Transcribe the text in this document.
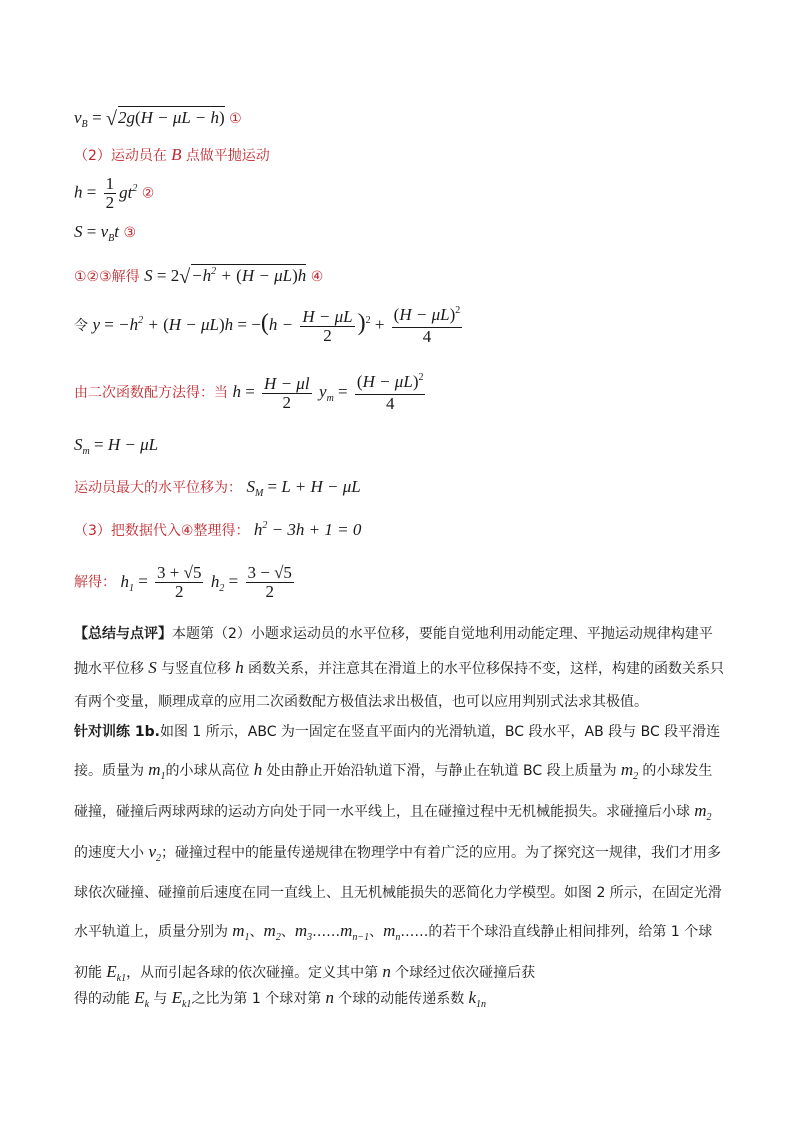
$v_B = √2g(H - \mu L - h)$ ①
（2）运动员在 B 点做平抛运动
$h = \frac{1}{2} gt^2$ ②
$S = v_Bt$ ③
①②③解得 $S = 2√-h^2 + (H - \mu L)h$ ④
令 $y = -h^2 + (H - \mu L)h = -(h - \frac{H - \mu L}{2} )^2 + \frac{(H - \mu L)^2}{4}$
由二次函数配方法得：当 $h = \frac{H - \mu l}{2} y_m = \frac{(H - \mu L)^2}{4}$
$S_m = H - \mu L$
运动员最大的水平位移为： $S_M = L + H - \mu L$
（3）把数据代入④整理得： $h^2 - 3h + 1 = 0$
解得： $h_1 = \frac{3 + √5}{2} h_2 = \frac{3 - √5}{2}$

【总结与点评】本题第（2）小题求运动员的水平位移，要能自觉地利用动能定理、平抛运动规律构建平抛水平位移 S 与竖直位移 h 函数关系，并注意其在滑道上的水平位移保持不变，这样，构建的函数关系只有两个变量，顺理成章的应用二次函数配方极值法求出极值，也可以应用判别式法求其极值。

针对训练 1b.如图 1 所示，ABC 为一固定在竖直平面内的光滑轨道，BC 段水平，AB 段与 BC 段平滑连接。质量为 $m_1$的小球从高位 h 处由静止开始沿轨道下滑，与静止在轨道 BC 段上质量为 $m_2$ 的小球发生碰撞，碰撞后两球两球的运动方向处于同一水平线上，且在碰撞过程中无机械能损失。求碰撞后小球 $m_2$ 的速度大小 $v_2$；碰撞过程中的能量传递规律在物理学中有着广泛的应用。为了探究这一规律，我们才用多球依次碰撞、碰撞前后速度在同一直线上、且无机械能损失的恶简化力学模型。如图 2 所示，在固定光滑水平轨道上，质量分别为 $m_1$、$m_2$、$m_3\dots\dots m_{n-1}$、$m_n\dots\dots$的若干个球沿直线静止相间排列，给第 1 个球初能 $E_{k1}$，从而引起各球的依次碰撞。定义其中第 n 个球经过依次碰撞后获

得的动能 $E_k$ 与 $E_{k1}$之比为第 1 个球对第 n 个球的动能传递系数 $k_{1n}$
